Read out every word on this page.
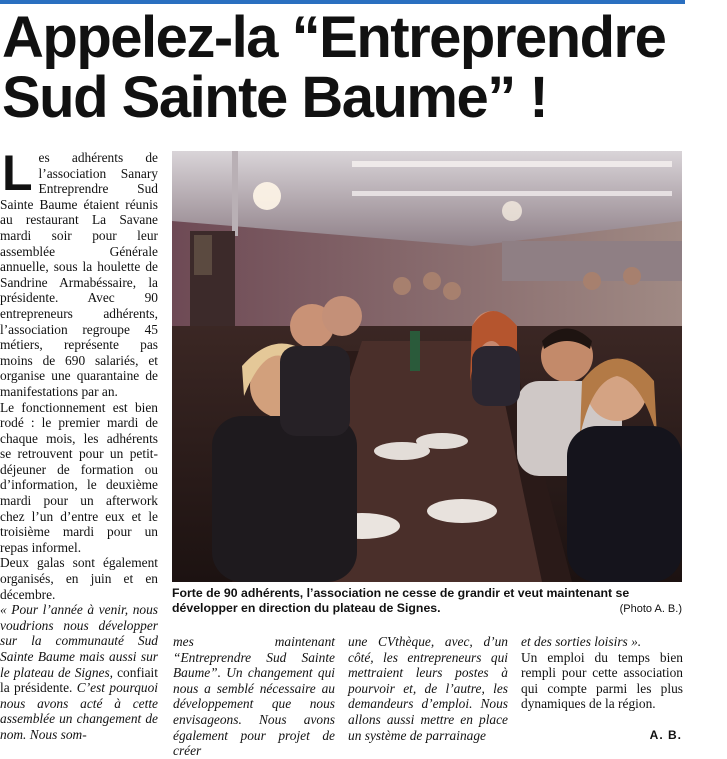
Appelez-la “Entreprendre
Sud Sainte Baume” !

Les adhérents de l’association Sanary Entreprendre Sud Sainte Baume étaient réunis au restaurant La Savane mardi soir pour leur assemblée Générale annuelle, sous la houlette de Sandrine Armabéssaire, la présidente. Avec 90 entrepreneurs adhérents, l’association regroupe 45 métiers, représente pas moins de 690 salariés, et organise une quarantaine de manifestations par an.

Le fonctionnement est bien rodé : le premier mardi de chaque mois, les adhérents se retrouvent pour un petit-déjeuner de formation ou d’information, le deuxième mardi pour un afterwork chez l’un d’entre eux et le troisième mardi pour un repas informel.

Deux galas sont également organisés, en juin et en décembre.

« Pour l’année à venir, nous voudrions nous développer sur la communauté Sud Sainte Baume mais aussi sur le plateau de Signes, confiait la présidente. C’est pourquoi nous avons acté à cette assemblée un changement de nom. Nous som-

Forte de 90 adhérents, l’association ne cesse de grandir et veut maintenant se développer en direction du plateau de Signes.	(Photo A. B.)

mes maintenant “Entreprendre Sud Sainte Baume”. Un changement qui nous a semblé nécessaire au développement que nous envisageons. Nous avons également pour projet de créer

une CVthèque, avec, d’un côté, les entrepreneurs qui mettraient leurs postes à pourvoir et, de l’autre, les demandeurs d’emploi. Nous allons aussi mettre en place un système de parrainage

et des sorties loisirs ».

Un emploi du temps bien rempli pour cette association qui compte parmi les plus dynamiques de la région.

A. B.
